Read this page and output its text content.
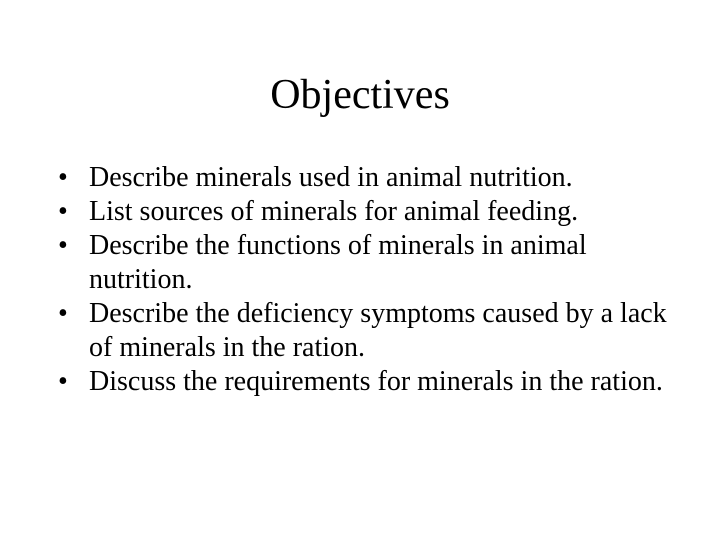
Objectives
• Describe minerals used in animal nutrition.
• List sources of minerals for animal feeding.
• Describe the functions of minerals in animal nutrition.
• Describe the deficiency symptoms caused by a lack of minerals in the ration.
• Discuss the requirements for minerals in the ration.
